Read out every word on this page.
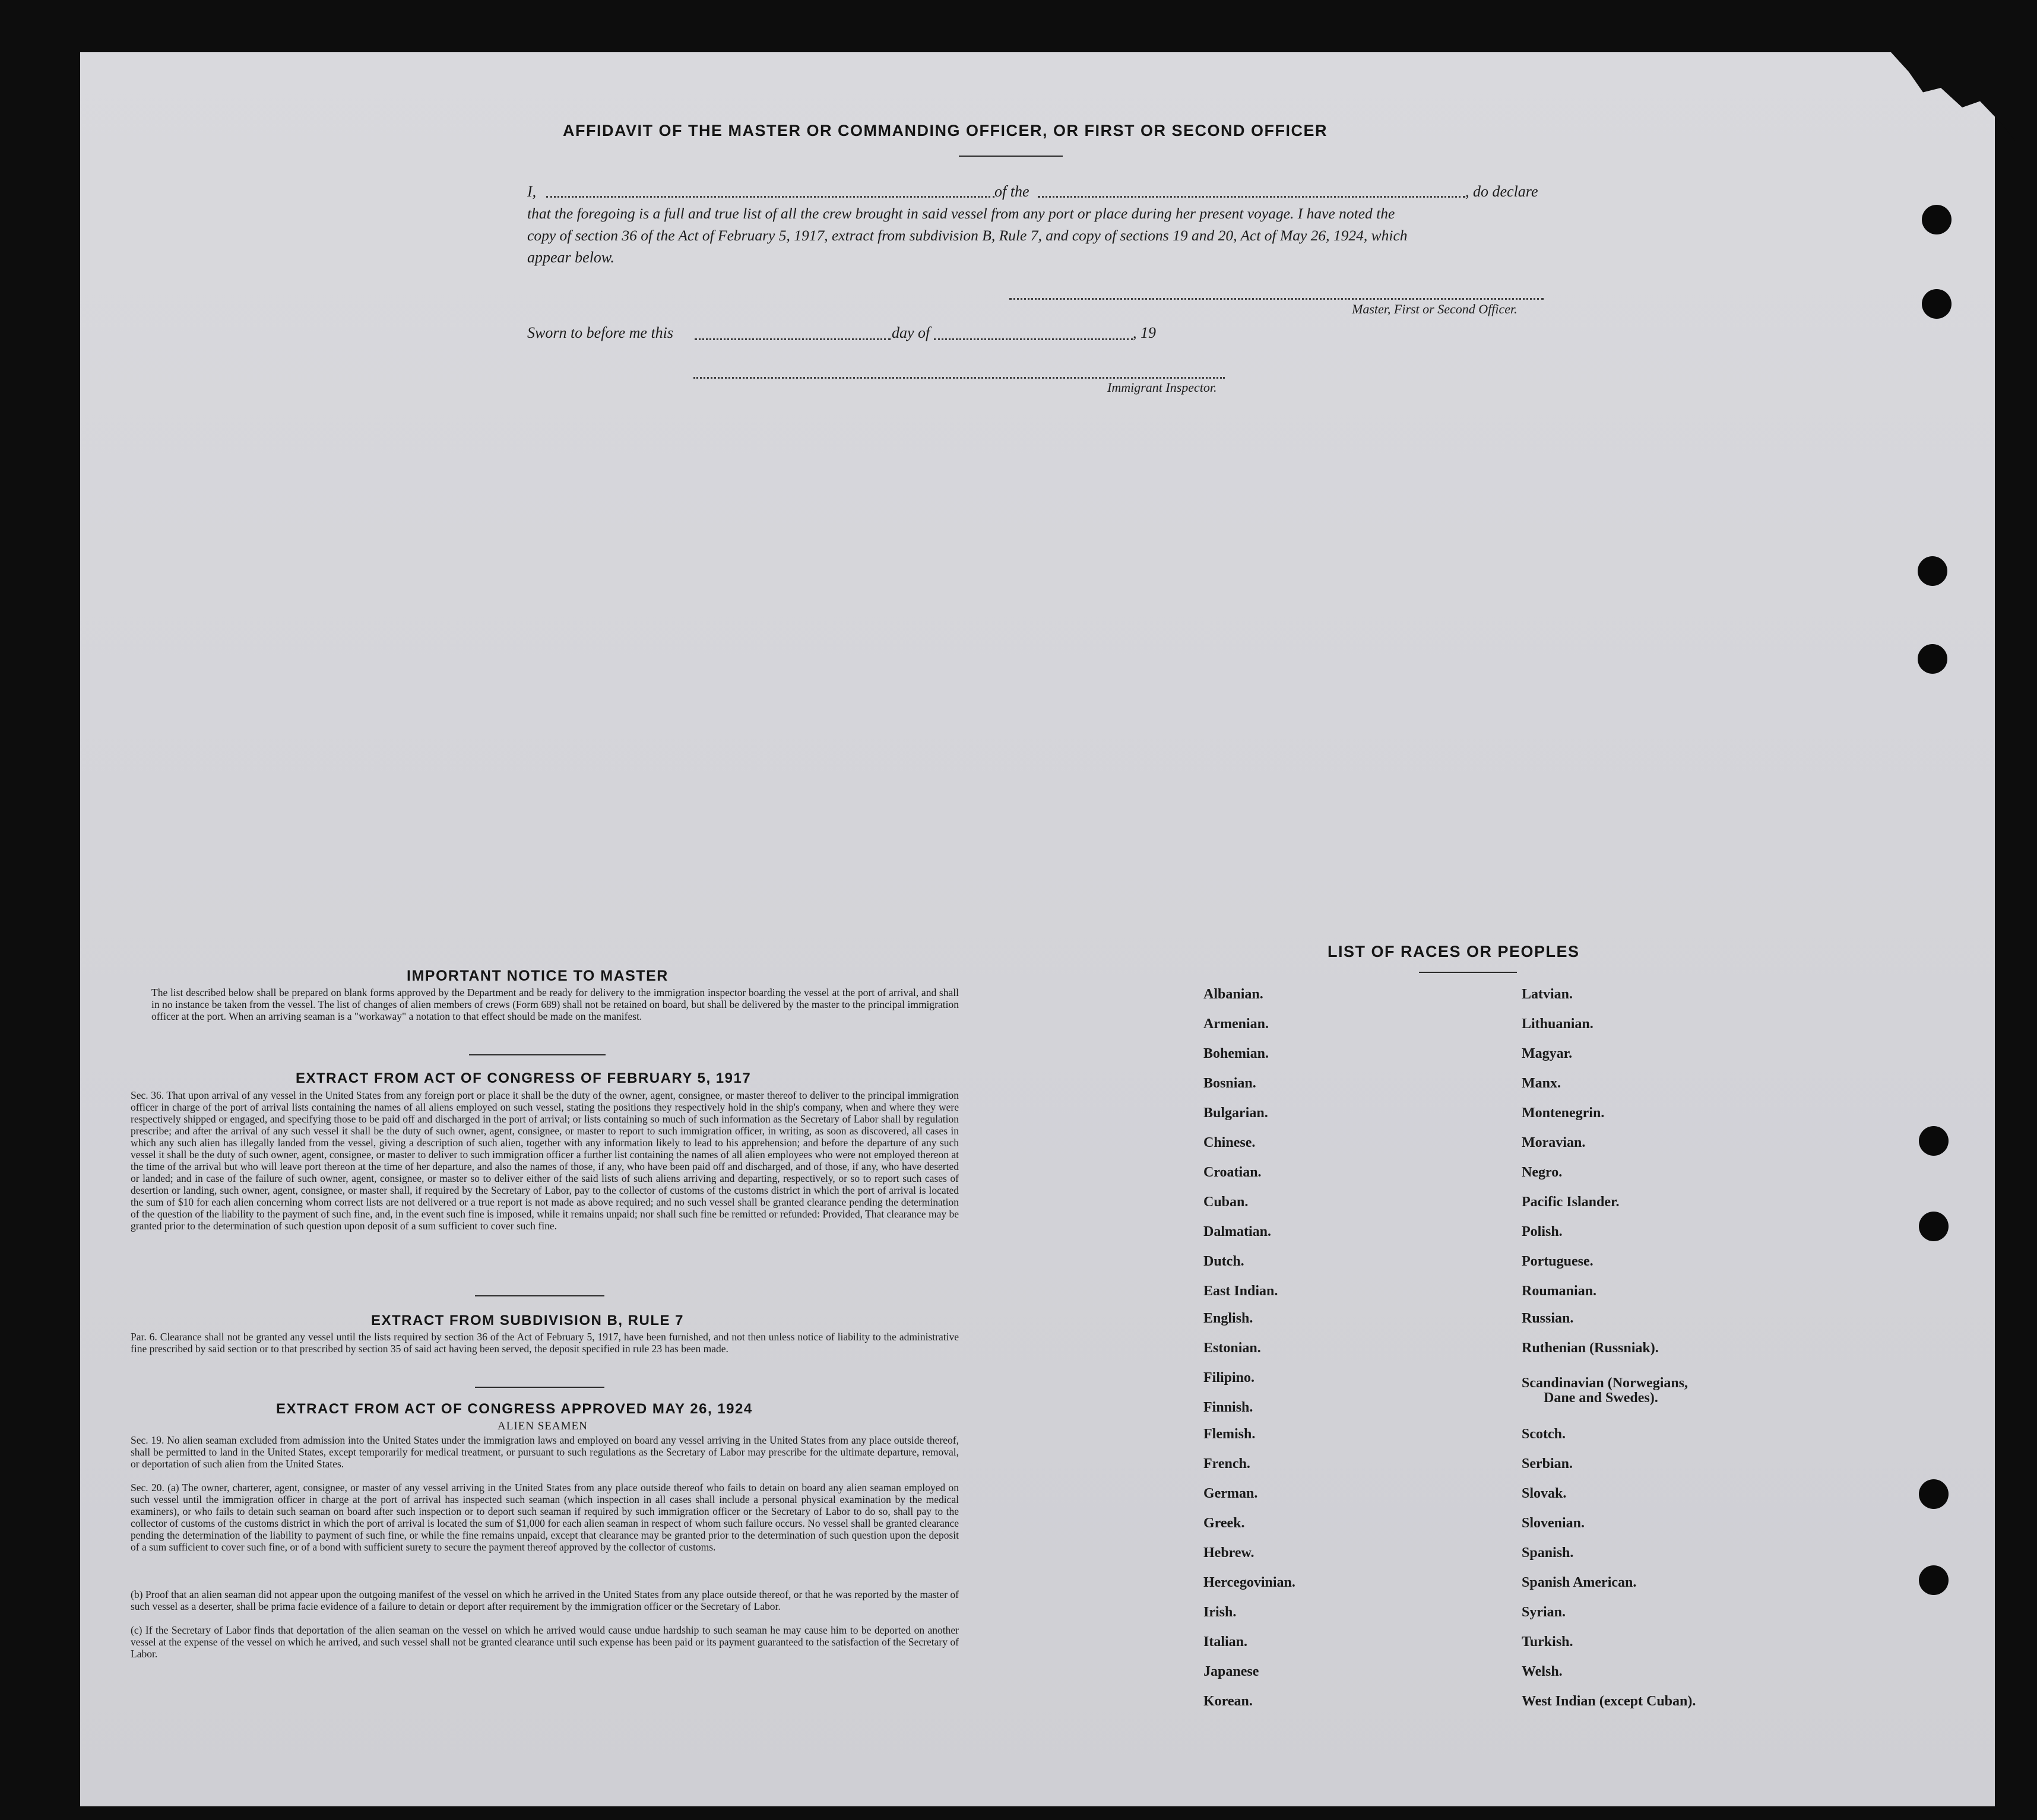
AFFIDAVIT OF THE MASTER OR COMMANDING OFFICER, OR FIRST OR SECOND OFFICER
I,	of the	, do declare
that the foregoing is a full and true list of all the crew brought in said vessel from any port or place during her present voyage. I have noted the
copy of section 36 of the Act of February 5, 1917, extract from subdivision B, Rule 7, and copy of sections 19 and 20, Act of May 26, 1924, which
appear below.
Master, First or Second Officer.
Sworn to before me this	day of	, 19
Immigrant Inspector.
IMPORTANT NOTICE TO MASTER
The list described below shall be prepared on blank forms approved by the Department and be ready for delivery to the immigration inspector boarding the vessel at the port of arrival, and shall in no instance be taken from the vessel. The list of changes of alien members of crews (Form 689) shall not be retained on board, but shall be delivered by the master to the principal immigration officer at the port. When an arriving seaman is a "workaway" a notation to that effect should be made on the manifest.
EXTRACT FROM ACT OF CONGRESS OF FEBRUARY 5, 1917
Sec. 36. That upon arrival of any vessel in the United States from any foreign port or place it shall be the duty of the owner, agent, consignee, or master thereof to deliver to the principal immigration officer in charge of the port of arrival lists containing the names of all aliens employed on such vessel, stating the positions they respectively hold in the ship's company, when and where they were respectively shipped or engaged, and specifying those to be paid off and discharged in the port of arrival; or lists containing so much of such information as the Secretary of Labor shall by regulation prescribe; and after the arrival of any such vessel it shall be the duty of such owner, agent, consignee, or master to report to such immigration officer, in writing, as soon as discovered, all cases in which any such alien has illegally landed from the vessel, giving a description of such alien, together with any information likely to lead to his apprehension; and before the departure of any such vessel it shall be the duty of such owner, agent, consignee, or master to deliver to such immigration officer a further list containing the names of all alien employees who were not employed thereon at the time of the arrival but who will leave port thereon at the time of her departure, and also the names of those, if any, who have been paid off and discharged, and of those, if any, who have deserted or landed; and in case of the failure of such owner, agent, consignee, or master so to deliver either of the said lists of such aliens arriving and departing, respectively, or so to report such cases of desertion or landing, such owner, agent, consignee, or master shall, if required by the Secretary of Labor, pay to the collector of customs of the customs district in which the port of arrival is located the sum of $10 for each alien concerning whom correct lists are not delivered or a true report is not made as above required; and no such vessel shall be granted clearance pending the determination of the question of the liability to the payment of such fine, and, in the event such fine is imposed, while it remains unpaid; nor shall such fine be remitted or refunded: Provided, That clearance may be granted prior to the determination of such question upon deposit of a sum sufficient to cover such fine.
EXTRACT FROM SUBDIVISION B, RULE 7
Par. 6. Clearance shall not be granted any vessel until the lists required by section 36 of the Act of February 5, 1917, have been furnished, and not then unless notice of liability to the administrative fine prescribed by said section or to that prescribed by section 35 of said act having been served, the deposit specified in rule 23 has been made.
EXTRACT FROM ACT OF CONGRESS APPROVED MAY 26, 1924
ALIEN SEAMEN
Sec. 19. No alien seaman excluded from admission into the United States under the immigration laws and employed on board any vessel arriving in the United States from any place outside thereof, shall be permitted to land in the United States, except temporarily for medical treatment, or pursuant to such regulations as the Secretary of Labor may prescribe for the ultimate departure, removal, or deportation of such alien from the United States.
Sec. 20. (a) The owner, charterer, agent, consignee, or master of any vessel arriving in the United States from any place outside thereof who fails to detain on board any alien seaman employed on such vessel until the immigration officer in charge at the port of arrival has inspected such seaman (which inspection in all cases shall include a personal physical examination by the medical examiners), or who fails to detain such seaman on board after such inspection or to deport such seaman if required by such immigration officer or the Secretary of Labor to do so, shall pay to the collector of customs of the customs district in which the port of arrival is located the sum of $1,000 for each alien seaman in respect of whom such failure occurs. No vessel shall be granted clearance pending the determination of the liability to payment of such fine, or while the fine remains unpaid, except that clearance may be granted prior to the determination of such question upon the deposit of a sum sufficient to cover such fine, or of a bond with sufficient surety to secure the payment thereof approved by the collector of customs.
(b) Proof that an alien seaman did not appear upon the outgoing manifest of the vessel on which he arrived in the United States from any place outside thereof, or that he was reported by the master of such vessel as a deserter, shall be prima facie evidence of a failure to detain or deport after requirement by the immigration officer or the Secretary of Labor.
(c) If the Secretary of Labor finds that deportation of the alien seaman on the vessel on which he arrived would cause undue hardship to such seaman he may cause him to be deported on another vessel at the expense of the vessel on which he arrived, and such vessel shall not be granted clearance until such expense has been paid or its payment guaranteed to the satisfaction of the Secretary of Labor.
LIST OF RACES OR PEOPLES
Albanian.
Armenian.
Bohemian.
Bosnian.
Bulgarian.
Chinese.
Croatian.
Cuban.
Dalmatian.
Dutch.
East Indian.
English.
Estonian.
Filipino.
Finnish.
Flemish.
French.
German.
Greek.
Hebrew.
Hercegovinian.
Irish.
Italian.
Japanese
Korean.
Latvian.
Lithuanian.
Magyar.
Manx.
Montenegrin.
Moravian.
Negro.
Pacific Islander.
Polish.
Portuguese.
Roumanian.
Russian.
Ruthenian (Russniak).
Scandinavian (Norwegians,
Dane and Swedes).
Scotch.
Serbian.
Slovak.
Slovenian.
Spanish.
Spanish American.
Syrian.
Turkish.
Welsh.
West Indian (except Cuban).
